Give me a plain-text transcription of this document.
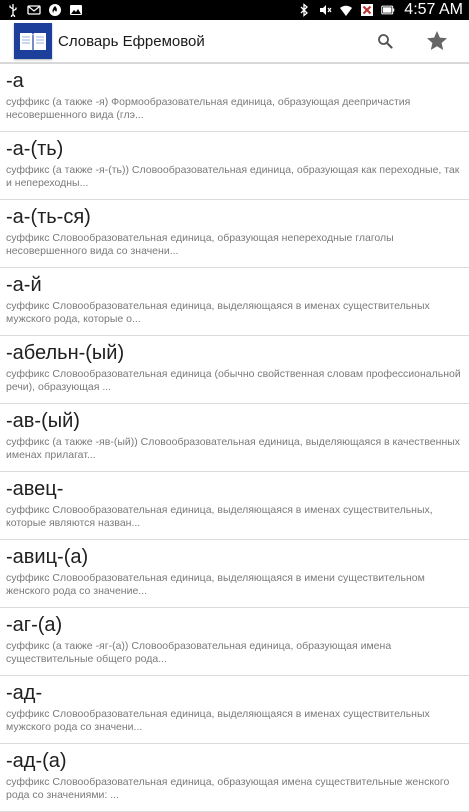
4:57 AM
Словарь Ефремовой
-а
суффикс (а также -я) Формообразовательная единица, образующая деепричастия несовершенного вида (глэ...
-а-(ть)
суффикс (а также -я-(ть)) Словообразовательная единица, образующая как переходные, так и непереходны...
-а-(ть-ся)
суффикс Словообразовательная единица, образующая непереходные глаголы несовершенного вида со значени...
-а-й
суффикс Словообразовательная единица, выделяющаяся в именах существительных мужского рода, которые о...
-абельн-(ый)
суффикс Словообразовательная единица (обычно свойственная словам профессиональной речи), образующая ...
-ав-(ый)
суффикс (а также -яв-(ый)) Словообразовательная единица, выделяющаяся в качественных именах прилагат...
-авец-
суффикс Словообразовательная единица, выделяющаяся в именах существительных, которые являются назван...
-авиц-(а)
суффикс Словообразовательная единица, выделяющаяся в имени существительном женского рода со значение...
-аг-(а)
суффикс (а также -яг-(а)) Словообразовательная единица, образующая имена существительные общего рода...
-ад-
суффикс Словообразовательная единица, выделяющаяся в именах существительных мужского рода со значени...
-ад-(а)
суффикс Словообразовательная единица, образующая имена существительные женского рода со значениями: ...
